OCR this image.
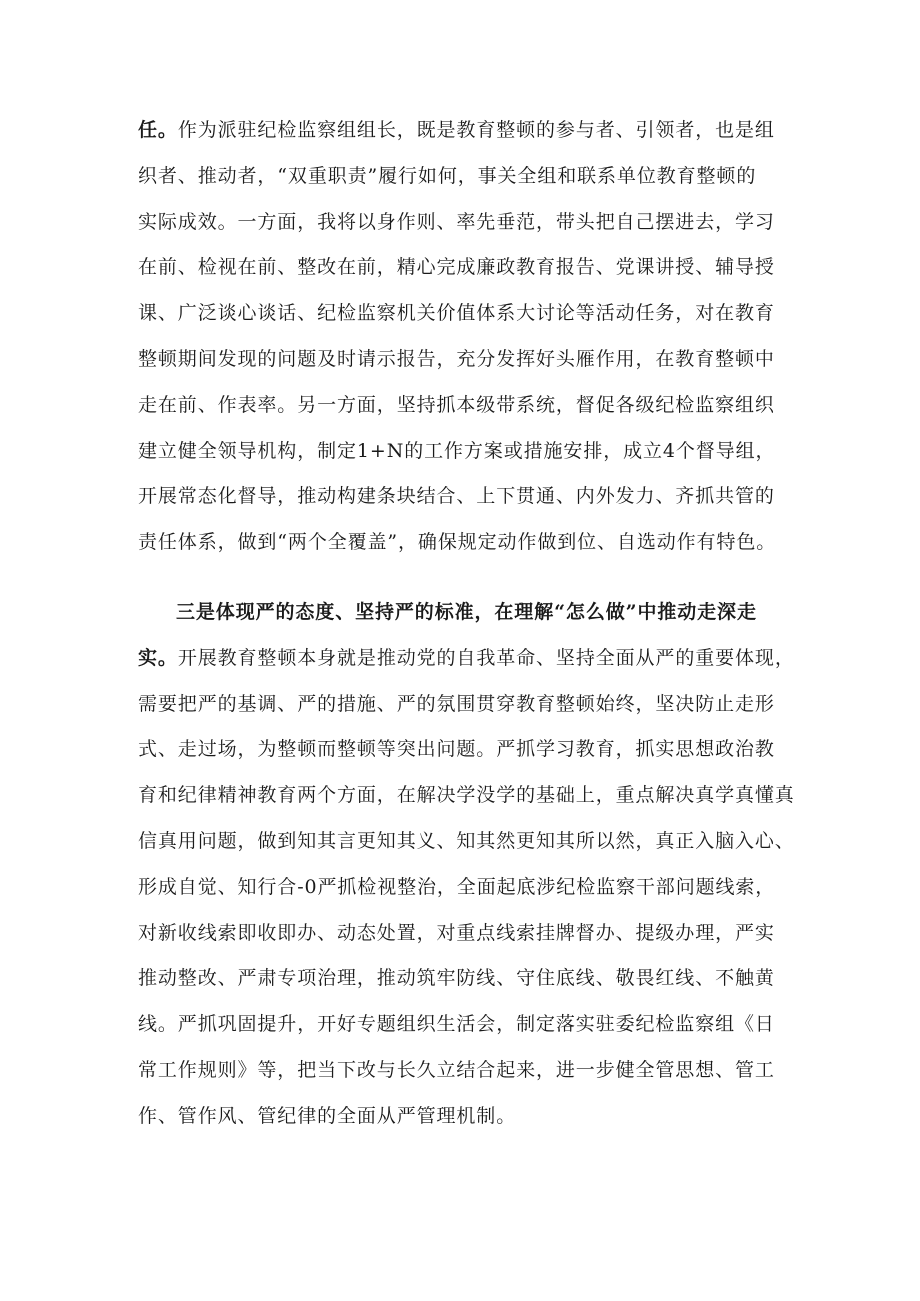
任。作为派驻纪检监察组组长，既是教育整顿的参与者、引领者，也是组
织者、推动者，“双重职责”履行如何，事关全组和联系单位教育整顿的
实际成效。一方面，我将以身作则、率先垂范，带头把自己摆进去，学习
在前、检视在前、整改在前，精心完成廉政教育报告、党课讲授、辅导授
课、广泛谈心谈话、纪检监察机关价值体系大讨论等活动任务，对在教育
整顿期间发现的问题及时请示报告，充分发挥好头雁作用，在教育整顿中
走在前、作表率。另一方面，坚持抓本级带系统，督促各级纪检监察组织
建立健全领导机构，制定1+N的工作方案或措施安排，成立4个督导组，
开展常态化督导，推动构建条块结合、上下贯通、内外发力、齐抓共管的
责任体系，做到“两个全覆盖”，确保规定动作做到位、自选动作有特色。
三是体现严的态度、坚持严的标准，在理解“怎么做”中推动走深走
实。开展教育整顿本身就是推动党的自我革命、坚持全面从严的重要体现，
需要把严的基调、严的措施、严的氛围贯穿教育整顿始终，坚决防止走形
式、走过场，为整顿而整顿等突出问题。严抓学习教育，抓实思想政治教
育和纪律精神教育两个方面，在解决学没学的基础上，重点解决真学真懂真
信真用问题，做到知其言更知其义、知其然更知其所以然，真正入脑入心、
形成自觉、知行合-0严抓检视整治，全面起底涉纪检监察干部问题线索，
对新收线索即收即办、动态处置，对重点线索挂牌督办、提级办理，严实
推动整改、严肃专项治理，推动筑牢防线、守住底线、敬畏红线、不触黄
线。严抓巩固提升，开好专题组织生活会，制定落实驻委纪检监察组《日
常工作规则》等，把当下改与长久立结合起来，进一步健全管思想、管工
作、管作风、管纪律的全面从严管理机制。
